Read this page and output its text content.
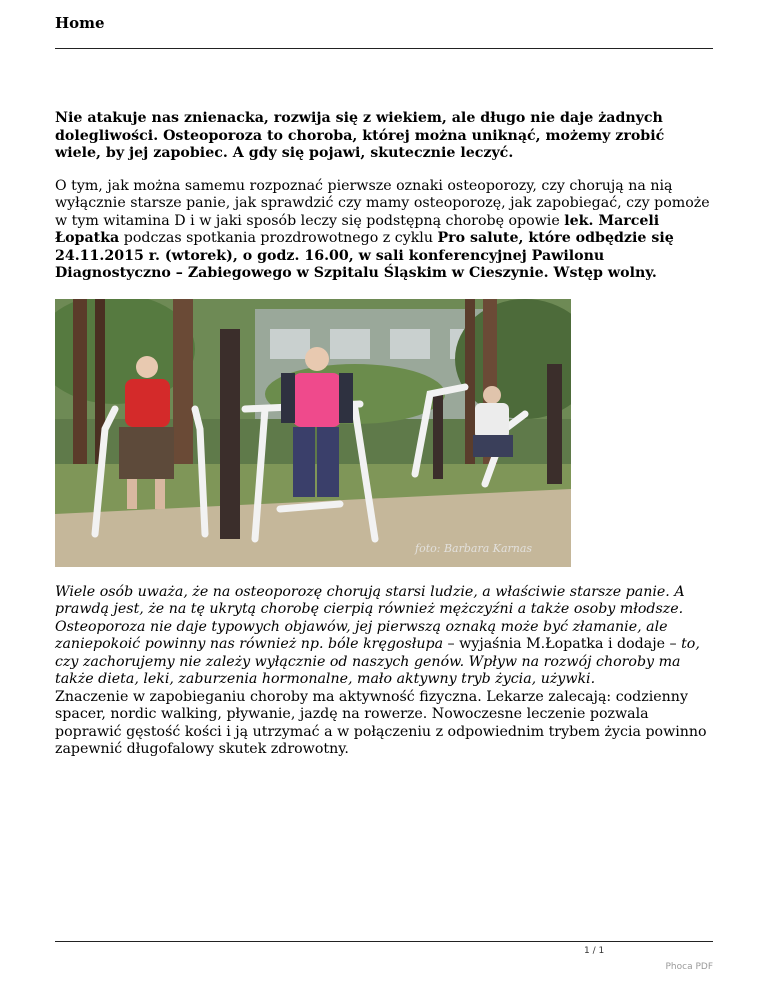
Home

Nie atakuje nas znienacka, rozwija się z wiekiem, ale długo nie daje żadnych dolegliwości. Osteoporoza to choroba, której można uniknąć, możemy zrobić wiele, by jej zapobiec. A gdy się pojawi, skutecznie leczyć.

O tym, jak można samemu rozpoznać pierwsze oznaki osteoporozy, czy chorują na nią wyłącznie starsze panie, jak sprawdzić czy mamy osteoporozę, jak zapobiegać, czy pomoże w tym witamina D i w jaki sposób leczy się podstępną chorobę opowie lek. Marceli Łopatka podczas spotkania prozdrowotnego z cyklu Pro salute, które odbędzie się 24.11.2015 r. (wtorek), o godz. 16.00, w sali konferencyjnej Pawilonu Diagnostyczno – Zabiegowego w Szpitalu Śląskim w Cieszynie. Wstęp wolny.

foto: Barbara Karnas

Wiele osób uważa, że na osteoporozę chorują starsi ludzie, a właściwie starsze panie. A prawdą jest, że na tę ukrytą chorobę cierpią również mężczyźni a także osoby młodsze. Osteoporoza nie daje typowych objawów, jej pierwszą oznaką może być złamanie, ale zaniepokoić powinny nas również np. bóle kręgosłupa – wyjaśnia M.Łopatka i dodaje – to, czy zachorujemy nie zależy wyłącznie od naszych genów. Wpływ na rozwój choroby ma także dieta, leki, zaburzenia hormonalne, mało aktywny tryb życia, używki.
Znaczenie w zapobieganiu choroby ma aktywność fizyczna. Lekarze zalecają: codzienny spacer, nordic walking, pływanie, jazdę na rowerze. Nowoczesne leczenie pozwala poprawić gęstość kości i ją utrzymać a w połączeniu z odpowiednim trybem życia powinno zapewnić długofalowy skutek zdrowotny.

1 / 1
Phoca PDF
